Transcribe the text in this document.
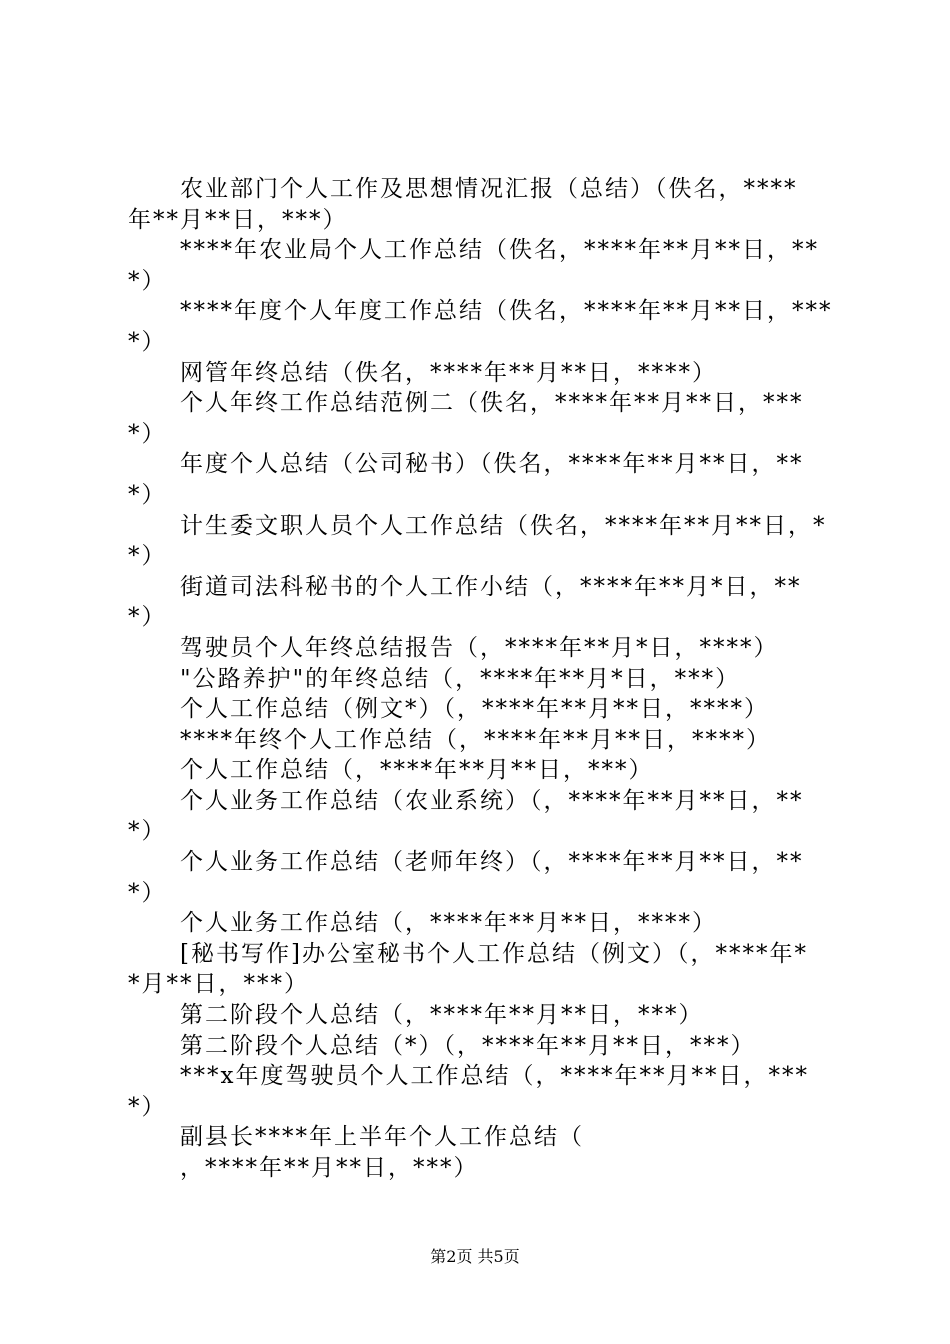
农业部门个人工作及思想情况汇报（总结）（佚名，****
年**月**日，***）
****年农业局个人工作总结（佚名，****年**月**日，**
*）
****年度个人年度工作总结（佚名，****年**月**日，***
*）
网管年终总结（佚名，****年**月**日，****）
个人年终工作总结范例二（佚名，****年**月**日，***
*）
年度个人总结（公司秘书）（佚名，****年**月**日，**
*）
计生委文职人员个人工作总结（佚名，****年**月**日，*
*）
街道司法科秘书的个人工作小结（，****年**月*日，**
*）
驾驶员个人年终总结报告（，****年**月*日，****）
"公路养护"的年终总结（，****年**月*日，***）
个人工作总结（例文*）（，****年**月**日，****）
****年终个人工作总结（，****年**月**日，****）
个人工作总结（，****年**月**日，***）
个人业务工作总结（农业系统）（，****年**月**日，**
*）
个人业务工作总结（老师年终）（，****年**月**日，**
*）
个人业务工作总结（，****年**月**日，****）
[秘书写作]办公室秘书个人工作总结（例文）（，****年*
*月**日，***）
第二阶段个人总结（，****年**月**日，***）
第二阶段个人总结（*）（，****年**月**日，***）
***x年度驾驶员个人工作总结（，****年**月**日，***
*）
副县长****年上半年个人工作总结（
，****年**月**日，***）
第2页 共5页
